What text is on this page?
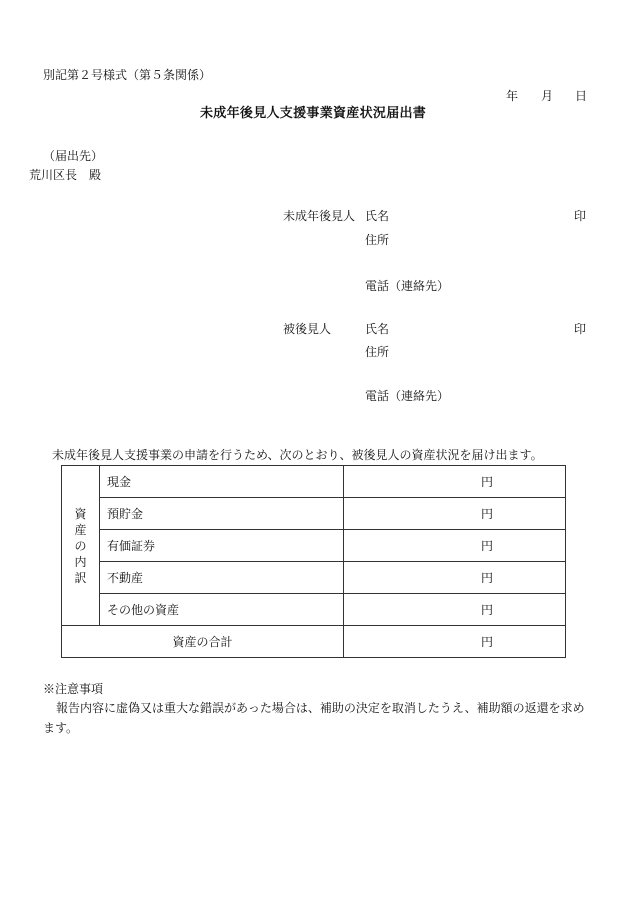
別記第２号様式（第５条関係）
年 月 日
未成年後見人支援事業資産状況届出書
（届出先）
荒川区長　殿
未成年後見人 氏名	印
住所
電話（連絡先）
被後見人	氏名	印
住所
電話（連絡先）
未成年後見人支援事業の申請を行うため、次のとおり、被後見人の資産状況を届け出ます。
資産の内訳	現金	円
	預貯金	円
	有価証券	円
	不動産	円
	その他の資産	円
資産の合計		円
※注意事項
報告内容に虚偽又は重大な錯誤があった場合は、補助の決定を取消したうえ、補助額の返還を求め
ます。
